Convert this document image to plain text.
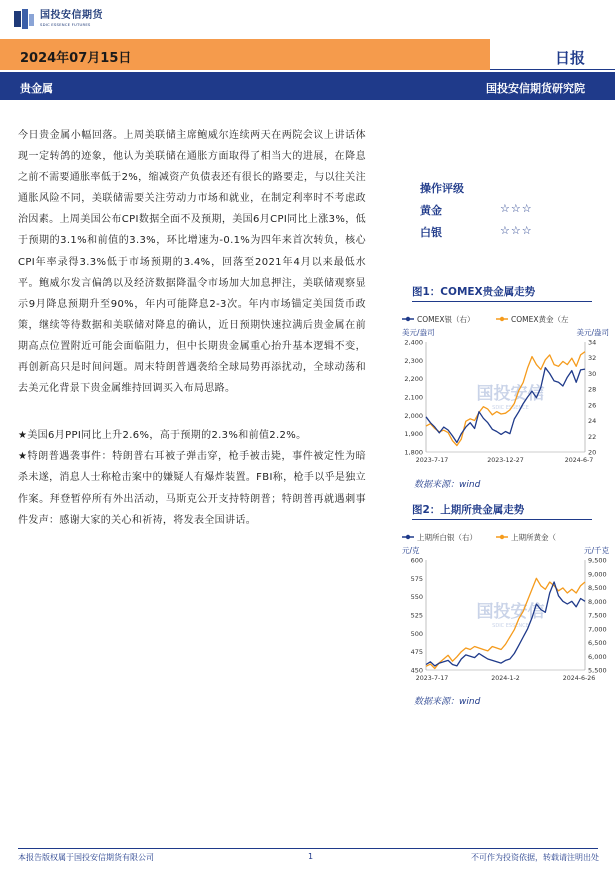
国投安信期货
SDIC ESSENCE FUTURES
2024年07月15日	日报
贵金属	国投安信期货研究院

今日贵金属小幅回落。上周美联储主席鲍威尔连续两天在两院会议上讲话体现一定转鸽的迹象，他认为美联储在通胀方面取得了相当大的进展，在降息之前不需要通胀率低于2%，缩减资产负债表还有很长的路要走，与以往关注通胀风险不同，美联储需要关注劳动力市场和就业，在制定利率时不考虑政治因素。上周美国公布CPI数据全面不及预期，美国6月CPI同比上涨3%，低于预期的3.1%和前值的3.3%，环比增速为-0.1%为四年来首次转负，核心CPI年率录得3.3%低于市场预期的3.4%，回落至2021年4月以来最低水平。鲍威尔发言偏鸽以及经济数据降温令市场加大加息押注，美联储观察显示9月降息预期升至90%，年内可能降息2-3次。年内市场锚定美国货币政策，继续等待数据和美联储对降息的确认，近日预期快速拉满后贵金属在前期高点位置附近可能会面临阻力，但中长期贵金属重心抬升基本逻辑不变，再创新高只是时间问题。周末特朗普遇袭给全球局势再添扰动，全球动荡和去美元化背景下贵金属维持回调买入布局思路。

★美国6月PPI同比上升2.6%，高于预期的2.3%和前值2.2%。

★特朗普遇袭事件：特朗普右耳被子弹击穿，枪手被击毙，事件被定性为暗杀未遂，消息人士称枪击案中的嫌疑人有爆炸装置。FBI称，枪手以乎是独立作案。拜登暂停所有外出活动，马斯克公开支持特朗普；特朗普再就遇刺事件发声：感谢大家的关心和祈祷，将发表全国讲话。

操作评级
黄金	☆☆☆
白银	☆☆☆
图1：COMEX贵金属走势
国投安信
SDIC ESSENCE
COMEX银（右）	COMEX黄金（左
美元/盎司	美元/盎司
2,400
2,300
2,200
2,100
2,000
1,900
1,800
34
32
30
28
26
24
22
20
2023-7-17	2023-12-27	2024-6-7
数据来源：wind
图2：上期所贵金属走势
国投安信
SDIC ESSENCE
上期所白银（右）	上期所黄金（
元/克	元/千克
600
575
550
525
500
475
450
9,500
9,000
8,500
8,000
7,500
7,000
6,500
6,000
5,500
2023-7-17	2024-1-2	2024-6-26
数据来源：wind
本报告版权属于国投安信期货有限公司	1	不可作为投资依据，转载请注明出处
